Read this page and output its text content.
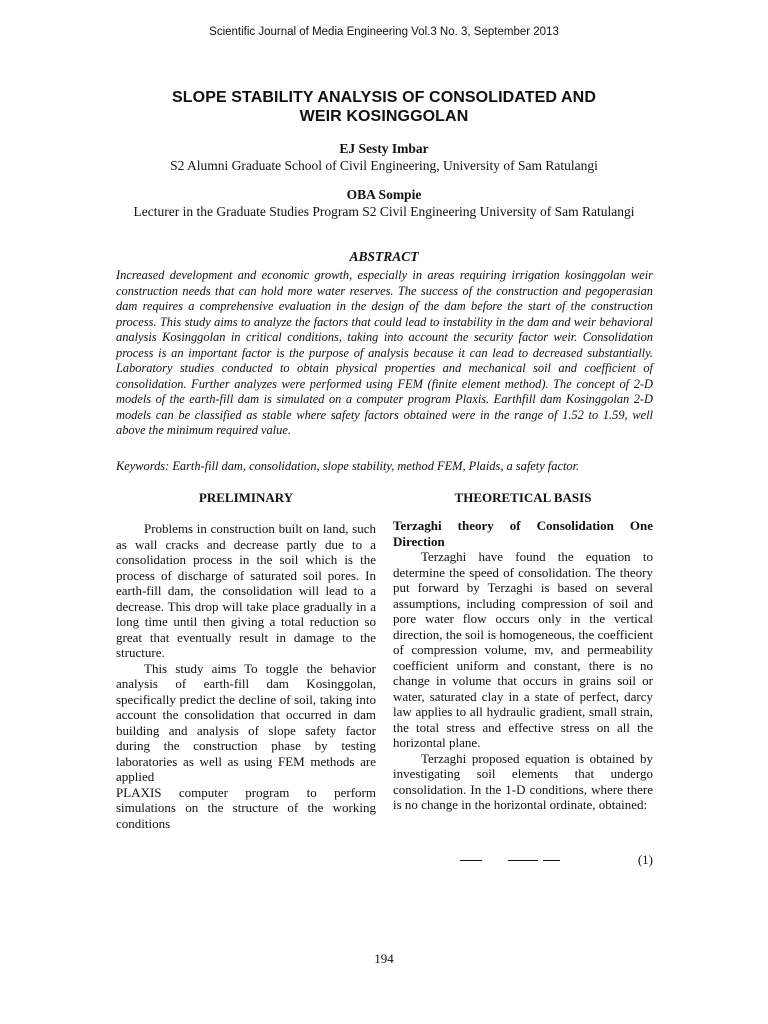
Scientific Journal of Media Engineering Vol.3 No. 3, September 2013
SLOPE STABILITY ANALYSIS OF CONSOLIDATED AND
WEIR KOSINGGOLAN
EJ Sesty Imbar
S2 Alumni Graduate School of Civil Engineering, University of Sam Ratulangi
OBA Sompie
Lecturer in the Graduate Studies Program S2 Civil Engineering University of Sam Ratulangi
ABSTRACT
Increased development and economic growth, especially in areas requiring irrigation kosinggolan weir construction needs that can hold more water reserves. The success of the construction and pegoperasian dam requires a comprehensive evaluation in the design of the dam before the start of the construction process. This study aims to analyze the factors that could lead to instability in the dam and weir behavioral analysis Kosinggolan in critical conditions, taking into account the security factor weir. Consolidation process is an important factor is the purpose of analysis because it can lead to decreased substantially. Laboratory studies conducted to obtain physical properties and mechanical soil and coefficient of consolidation. Further analyzes were performed using FEM (finite element method). The concept of 2-D models of the earth-fill dam is simulated on a computer program Plaxis. Earthfill dam Kosinggolan 2-D models can be classified as stable where safety factors obtained were in the range of 1.52 to 1.59, well above the minimum required value.
Keywords: Earth-fill dam, consolidation, slope stability, method FEM, Plaids, a safety factor.
PRELIMINARY	THEORETICAL BASIS

Problems in construction built on land, such as wall cracks and decrease partly due to a consolidation process in the soil which is the process of discharge of saturated soil pores. In earth-fill dam, the consolidation will lead to a decrease. This drop will take place gradually in a long time until then giving a total reduction so great that eventually result in damage to the structure.

This study aims To toggle the behavior analysis of earth-fill dam Kosinggolan, specifically predict the decline of soil, taking into account the consolidation that occurred in dam building and analysis of slope safety factor during the construction phase by testing laboratories as well as using FEM methods are applied

PLAXIS computer program to perform simulations on the structure of the working conditions

Terzaghi theory of Consolidation One Direction

Terzaghi have found the equation to determine the speed of consolidation. The theory put forward by Terzaghi is based on several assumptions, including compression of soil and pore water flow occurs only in the vertical direction, the soil is homogeneous, the coefficient of compression volume, mv, and permeability coefficient uniform and constant, there is no change in volume that occurs in grains soil or water, saturated clay in a state of perfect, darcy law applies to all hydraulic gradient, small strain, the total stress and effective stress on all the horizontal plane.

Terzaghi proposed equation is obtained by investigating soil elements that undergo consolidation. In the 1-D conditions, where there is no change in the horizontal ordinate, obtained:

(1)
194
